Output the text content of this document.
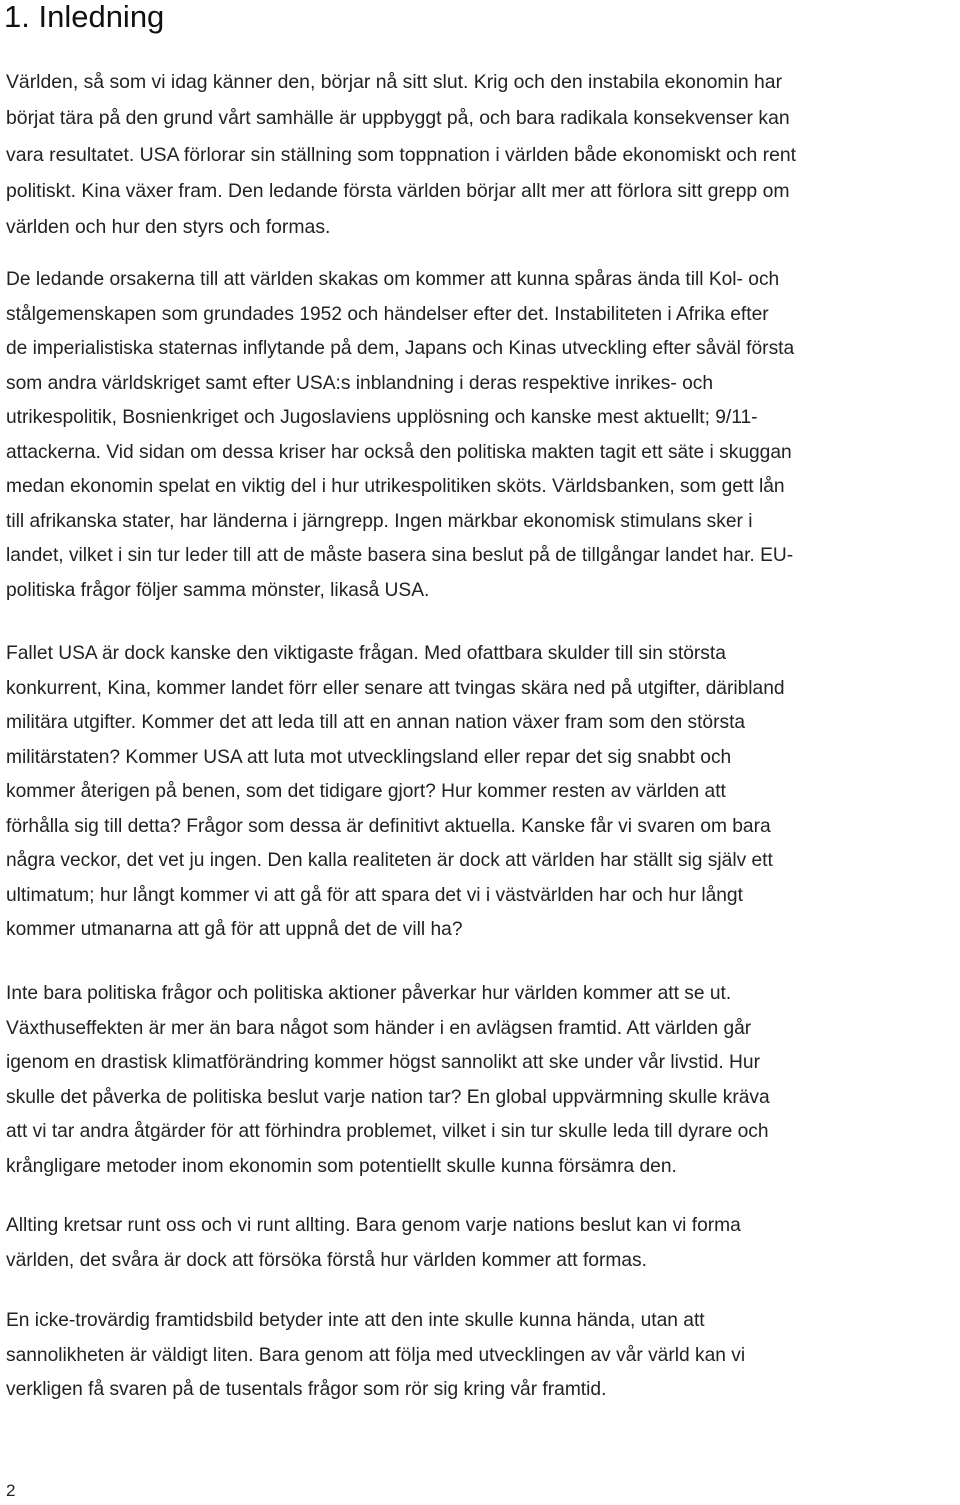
1. Inledning
Världen, så som vi idag känner den, börjar nå sitt slut. Krig och den instabila ekonomin har
börjat tära på den grund vårt samhälle är uppbyggt på, och bara radikala konsekvenser kan
vara resultatet. USA förlorar sin ställning som toppnation i världen både ekonomiskt och rent
politiskt. Kina växer fram. Den ledande första världen börjar allt mer att förlora sitt grepp om
världen och hur den styrs och formas.
De ledande orsakerna till att världen skakas om kommer att kunna spåras ända till Kol- och
stålgemenskapen som grundades 1952 och händelser efter det. Instabiliteten i Afrika efter
de imperialistiska staternas inflytande på dem, Japans och Kinas utveckling efter såväl första
som andra världskriget samt efter USA:s inblandning i deras respektive inrikes- och
utrikespolitik, Bosnienkriget och Jugoslaviens upplösning och kanske mest aktuellt; 9/11-
attackerna. Vid sidan om dessa kriser har också den politiska makten tagit ett säte i skuggan
medan ekonomin spelat en viktig del i hur utrikespolitiken sköts. Världsbanken, som gett lån
till afrikanska stater, har länderna i järngrepp. Ingen märkbar ekonomisk stimulans sker i
landet, vilket i sin tur leder till att de måste basera sina beslut på de tillgångar landet har. EU-
politiska frågor följer samma mönster, likaså USA.
Fallet USA är dock kanske den viktigaste frågan. Med ofattbara skulder till sin största
konkurrent, Kina, kommer landet förr eller senare att tvingas skära ned på utgifter, däribland
militära utgifter. Kommer det att leda till att en annan nation växer fram som den största
militärstaten? Kommer USA att luta mot utvecklingsland eller repar det sig snabbt och
kommer återigen på benen, som det tidigare gjort? Hur kommer resten av världen att
förhålla sig till detta? Frågor som dessa är definitivt aktuella. Kanske får vi svaren om bara
några veckor, det vet ju ingen. Den kalla realiteten är dock att världen har ställt sig själv ett
ultimatum; hur långt kommer vi att gå för att spara det vi i västvärlden har och hur långt
kommer utmanarna att gå för att uppnå det de vill ha?
Inte bara politiska frågor och politiska aktioner påverkar hur världen kommer att se ut.
Växthuseffekten är mer än bara något som händer i en avlägsen framtid. Att världen går
igenom en drastisk klimatförändring kommer högst sannolikt att ske under vår livstid. Hur
skulle det påverka de politiska beslut varje nation tar? En global uppvärmning skulle kräva
att vi tar andra åtgärder för att förhindra problemet, vilket i sin tur skulle leda till dyrare och
krångligare metoder inom ekonomin som potentiellt skulle kunna försämra den.
Allting kretsar runt oss och vi runt allting. Bara genom varje nations beslut kan vi forma
världen, det svåra är dock att försöka förstå hur världen kommer att formas.
En icke-trovärdig framtidsbild betyder inte att den inte skulle kunna hända, utan att
sannolikheten är väldigt liten. Bara genom att följa med utvecklingen av vår värld kan vi
verkligen få svaren på de tusentals frågor som rör sig kring vår framtid.
2
